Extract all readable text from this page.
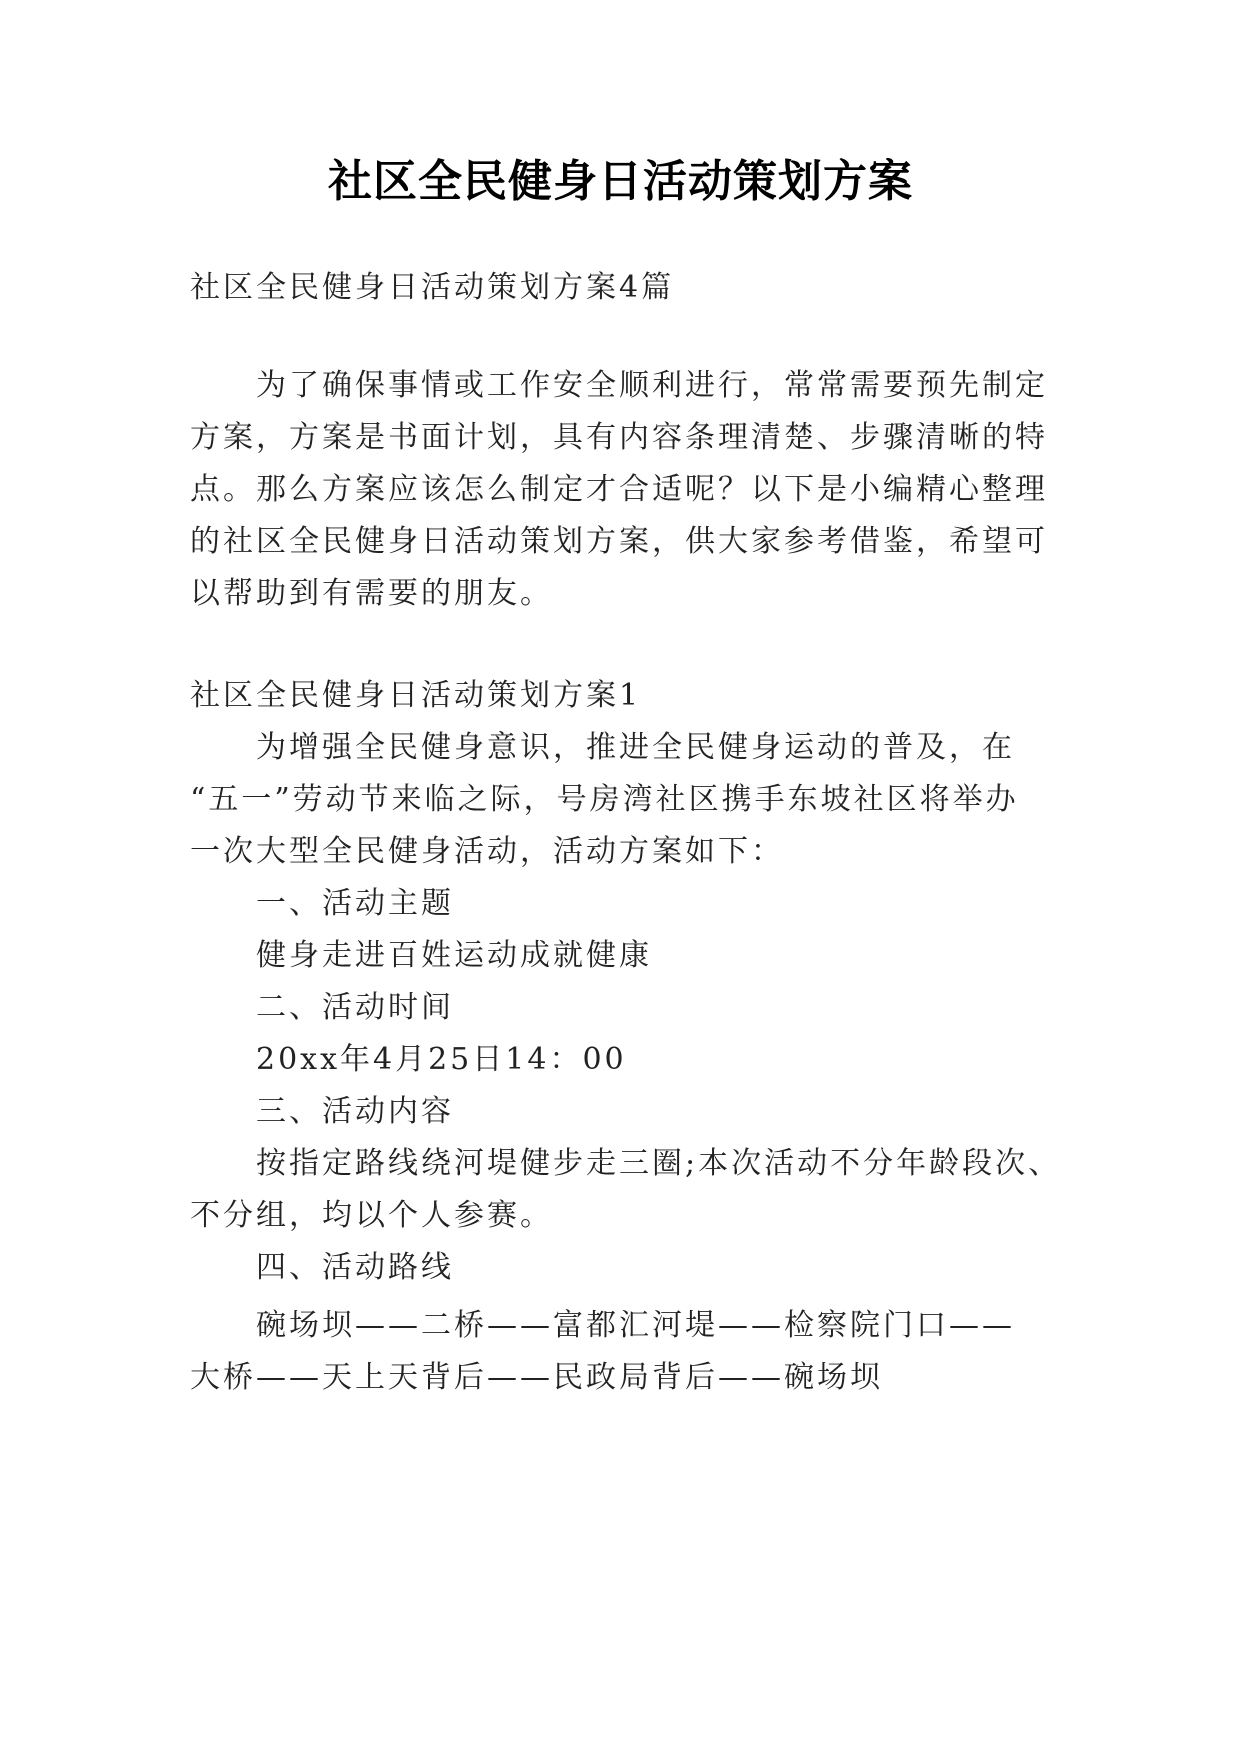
社区全民健身日活动策划方案
社区全民健身日活动策划方案4篇
为了确保事情或工作安全顺利进行，常常需要预先制定
方案，方案是书面计划，具有内容条理清楚、步骤清晰的特
点。那么方案应该怎么制定才合适呢？以下是小编精心整理
的社区全民健身日活动策划方案，供大家参考借鉴，希望可
以帮助到有需要的朋友。
社区全民健身日活动策划方案1
为增强全民健身意识，推进全民健身运动的普及，在
“五一”劳动节来临之际，号房湾社区携手东坡社区将举办
一次大型全民健身活动，活动方案如下：
一、活动主题
健身走进百姓运动成就健康
二、活动时间
20xx年4月25日14：00
三、活动内容
按指定路线绕河堤健步走三圈;本次活动不分年龄段次、
不分组，均以个人参赛。
四、活动路线
碗场坝——二桥——富都汇河堤——检察院门口——
大桥——天上天背后——民政局背后——碗场坝
